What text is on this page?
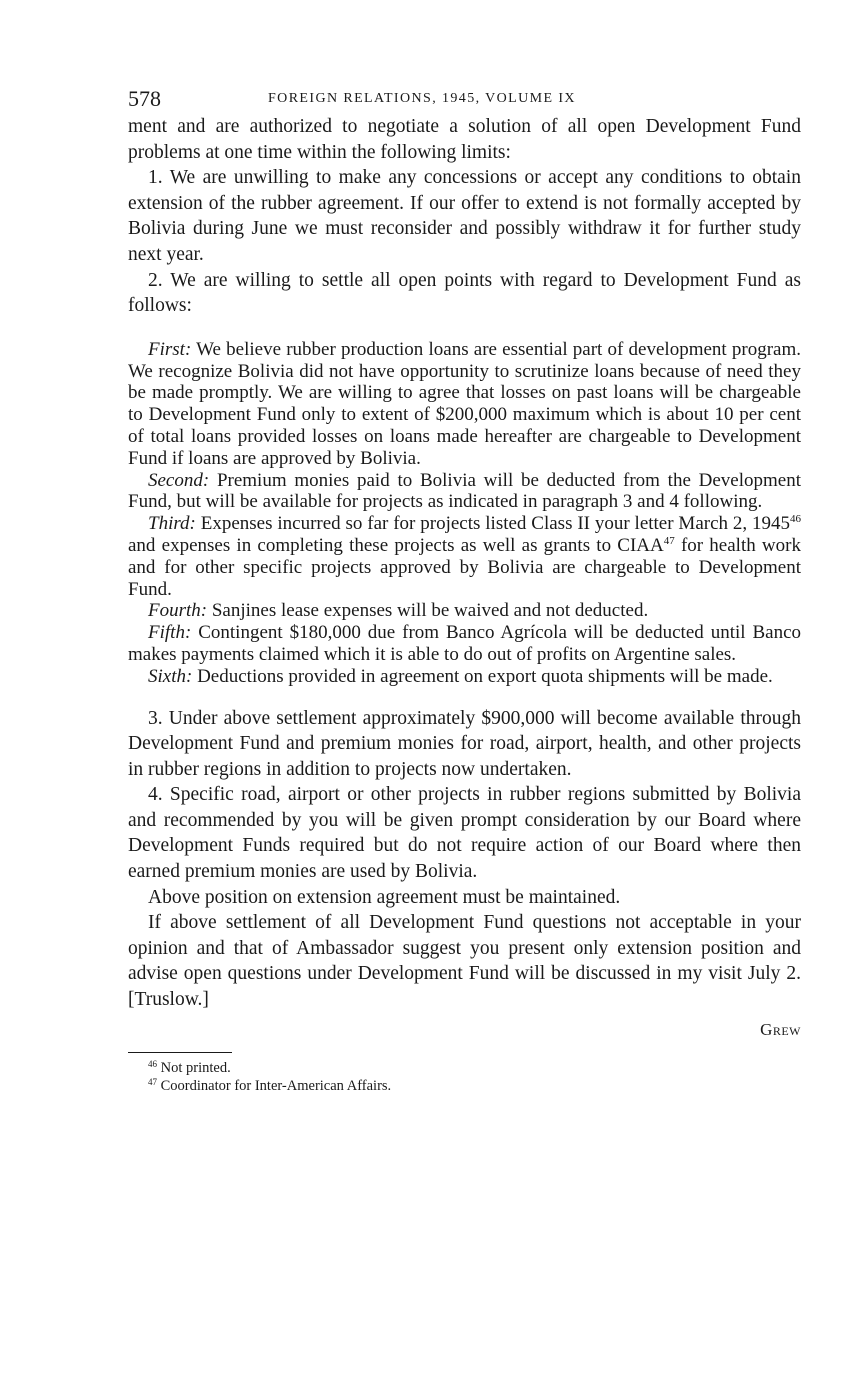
578	FOREIGN RELATIONS, 1945, VOLUME IX

ment and are authorized to negotiate a solution of all open Development Fund problems at one time within the following limits:

1. We are unwilling to make any concessions or accept any conditions to obtain extension of the rubber agreement. If our offer to extend is not formally accepted by Bolivia during June we must reconsider and possibly withdraw it for further study next year.

2. We are willing to settle all open points with regard to Development Fund as follows:

First: We believe rubber production loans are essential part of development program. We recognize Bolivia did not have opportunity to scrutinize loans because of need they be made promptly. We are willing to agree that losses on past loans will be chargeable to Development Fund only to extent of $200,000 maximum which is about 10 per cent of total loans provided losses on loans made hereafter are chargeable to Development Fund if loans are approved by Bolivia.

Second: Premium monies paid to Bolivia will be deducted from the Development Fund, but will be available for projects as indicated in paragraph 3 and 4 following.

Third: Expenses incurred so far for projects listed Class II your letter March 2, 1945$^{46}$ and expenses in completing these projects as well as grants to CIAA$^{47}$ for health work and for other specific projects approved by Bolivia are chargeable to Development Fund.

Fourth: Sanjines lease expenses will be waived and not deducted.

Fifth: Contingent $180,000 due from Banco Agrícola will be deducted until Banco makes payments claimed which it is able to do out of profits on Argentine sales.

Sixth: Deductions provided in agreement on export quota shipments will be made.

3. Under above settlement approximately $900,000 will become available through Development Fund and premium monies for road, airport, health, and other projects in rubber regions in addition to projects now undertaken.

4. Specific road, airport or other projects in rubber regions submitted by Bolivia and recommended by you will be given prompt consideration by our Board where Development Funds required but do not require action of our Board where then earned premium monies are used by Bolivia.

Above position on extension agreement must be maintained.

If above settlement of all Development Fund questions not acceptable in your opinion and that of Ambassador suggest you present only extension position and advise open questions under Development Fund will be discussed in my visit July 2. [Truslow.]

Grew
$^{46}$ Not printed.
$^{47}$ Coordinator for Inter-American Affairs.
